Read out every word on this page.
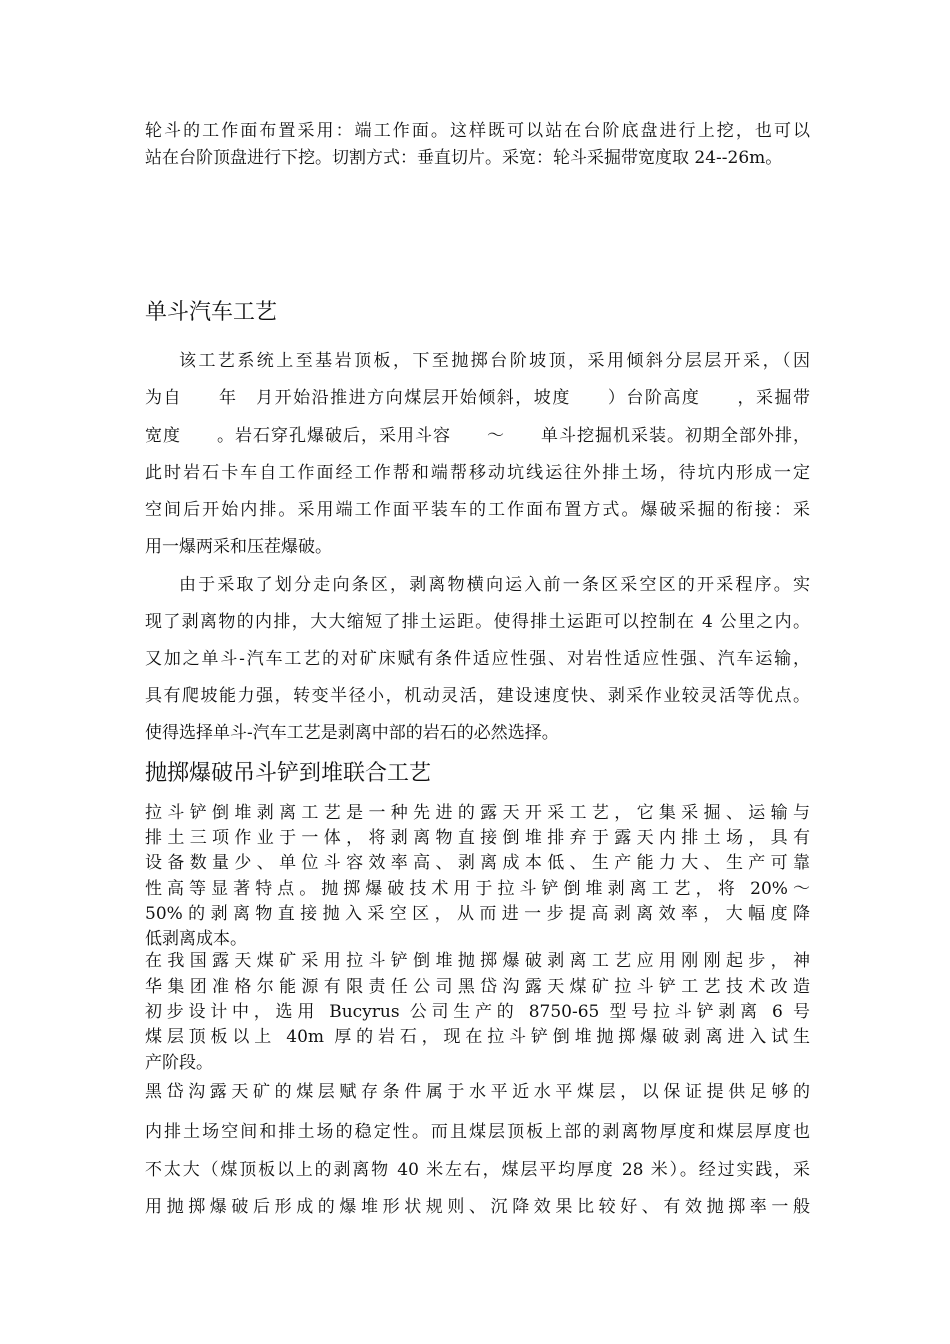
轮斗的工作面布置采用：端工作面。这样既可以站在台阶底盘进行上挖，也可以
站在台阶顶盘进行下挖。切割方式：垂直切片。采宽：轮斗采掘带宽度取 24--26m。
单斗汽车工艺
该工艺系统上至基岩顶板，下至抛掷台阶坡顶，采用倾斜分层层开采，（因
为自　　年　月开始沿推进方向煤层开始倾斜，坡度　　）台阶高度　　，采掘带
宽度　　。岩石穿孔爆破后，采用斗容　　～　　单斗挖掘机采装。初期全部外排，
此时岩石卡车自工作面经工作帮和端帮移动坑线运往外排土场，待坑内形成一定
空间后开始内排。采用端工作面平装车的工作面布置方式。爆破采掘的衔接：采
用一爆两采和压茬爆破。
由于采取了划分走向条区，剥离物横向运入前一条区采空区的开采程序。实
现了剥离物的内排，大大缩短了排土运距。使得排土运距可以控制在 4 公里之内。
又加之单斗-汽车工艺的对矿床赋有条件适应性强、对岩性适应性强、汽车运输，
具有爬坡能力强，转变半径小，机动灵活，建设速度快、剥采作业较灵活等优点。
使得选择单斗-汽车工艺是剥离中部的岩石的必然选择。
抛掷爆破吊斗铲到堆联合工艺
拉斗铲倒堆剥离工艺是一种先进的露天开采工艺，它集采掘、运输与
排土三项作业于一体，将剥离物直接倒堆排弃于露天内排土场，具有
设备数量少、单位斗容效率高、剥离成本低、生产能力大、生产可靠
性高等显著特点。抛掷爆破技术用于拉斗铲倒堆剥离工艺，将 20%～
50%的剥离物直接抛入采空区，从而进一步提高剥离效率，大幅度降
低剥离成本。
在我国露天煤矿采用拉斗铲倒堆抛掷爆破剥离工艺应用刚刚起步，神
华集团准格尔能源有限责任公司黑岱沟露天煤矿拉斗铲工艺技术改造
初步设计中，选用 Bucyrus 公司生产的 8750-65 型号拉斗铲剥离 6 号
煤层顶板以上 40m 厚的岩石，现在拉斗铲倒堆抛掷爆破剥离进入试生
产阶段。
黑岱沟露天矿的煤层赋存条件属于水平近水平煤层，以保证提供足够的
内排土场空间和排土场的稳定性。而且煤层顶板上部的剥离物厚度和煤层厚度也
不太大（煤顶板以上的剥离物 40 米左右，煤层平均厚度 28 米）。经过实践，采
用抛掷爆破后形成的爆堆形状规则、沉降效果比较好、有效抛掷率一般
